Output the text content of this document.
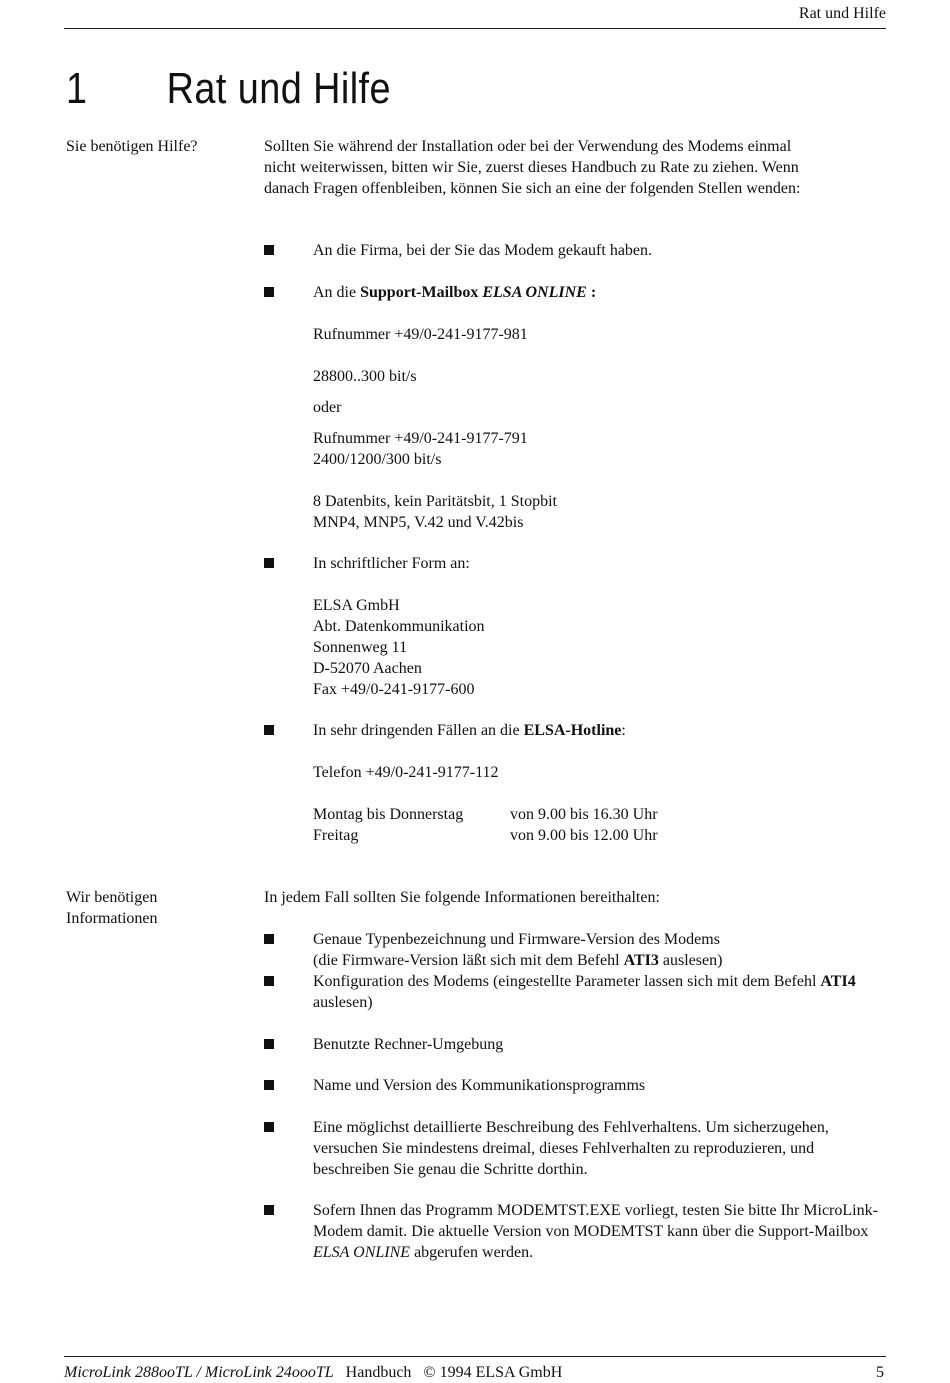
Rat und Hilfe
1 Rat und Hilfe
Sie benötigen Hilfe?	Sollten Sie während der Installation oder bei der Verwendung des Modems einmal nicht weiterwissen, bitten wir Sie, zuerst dieses Handbuch zu Rate zu ziehen. Wenn danach Fragen offenbleiben, können Sie sich an eine der folgenden Stellen wenden:
An die Firma, bei der Sie das Modem gekauft haben.
An die Support-Mailbox ELSA ONLINE :

Rufnummer +49/0-241-9177-981

28800..300 bit/s

oder

Rufnummer +49/0-241-9177-791

2400/1200/300 bit/s

8 Datenbits, kein Paritätsbit, 1 Stopbit

MNP4, MNP5, V.42 und V.42bis

In schriftlicher Form an:

ELSA GmbH

Abt. Datenkommunikation

Sonnenweg 11

D-52070 Aachen

Fax +49/0-241-9177-600

In sehr dringenden Fällen an die ELSA-Hotline:

Telefon +49/0-241-9177-112

Montag bis Donnerstag	von 9.00 bis 16.30 Uhr

Freitag	von 9.00 bis 12.00 Uhr

Wir benötigen
Informationen
In jedem Fall sollten Sie folgende Informationen bereithalten:

Genaue Typenbezeichnung und Firmware-Version des Modems

(die Firmware-Version läßt sich mit dem Befehl ATI3 auslesen)

Konfiguration des Modems (eingestellte Parameter lassen sich mit dem Befehl ATI4 auslesen)
Benutzte Rechner-Umgebung
Name und Version des Kommunikationsprogramms
Eine möglichst detaillierte Beschreibung des Fehlverhaltens. Um sicherzugehen, versuchen Sie mindestens dreimal, dieses Fehlverhalten zu reproduzieren, und beschreiben Sie genau die Schritte dorthin.
Sofern Ihnen das Programm MODEMTST.EXE vorliegt, testen Sie bitte Ihr MicroLink-Modem damit. Die aktuelle Version von MODEMTST kann über die Support-Mailbox ELSA ONLINE abgerufen werden.
MicroLink 288ooTL / MicroLink 24oooTL Handbuch   © 1994 ELSA GmbH	5
